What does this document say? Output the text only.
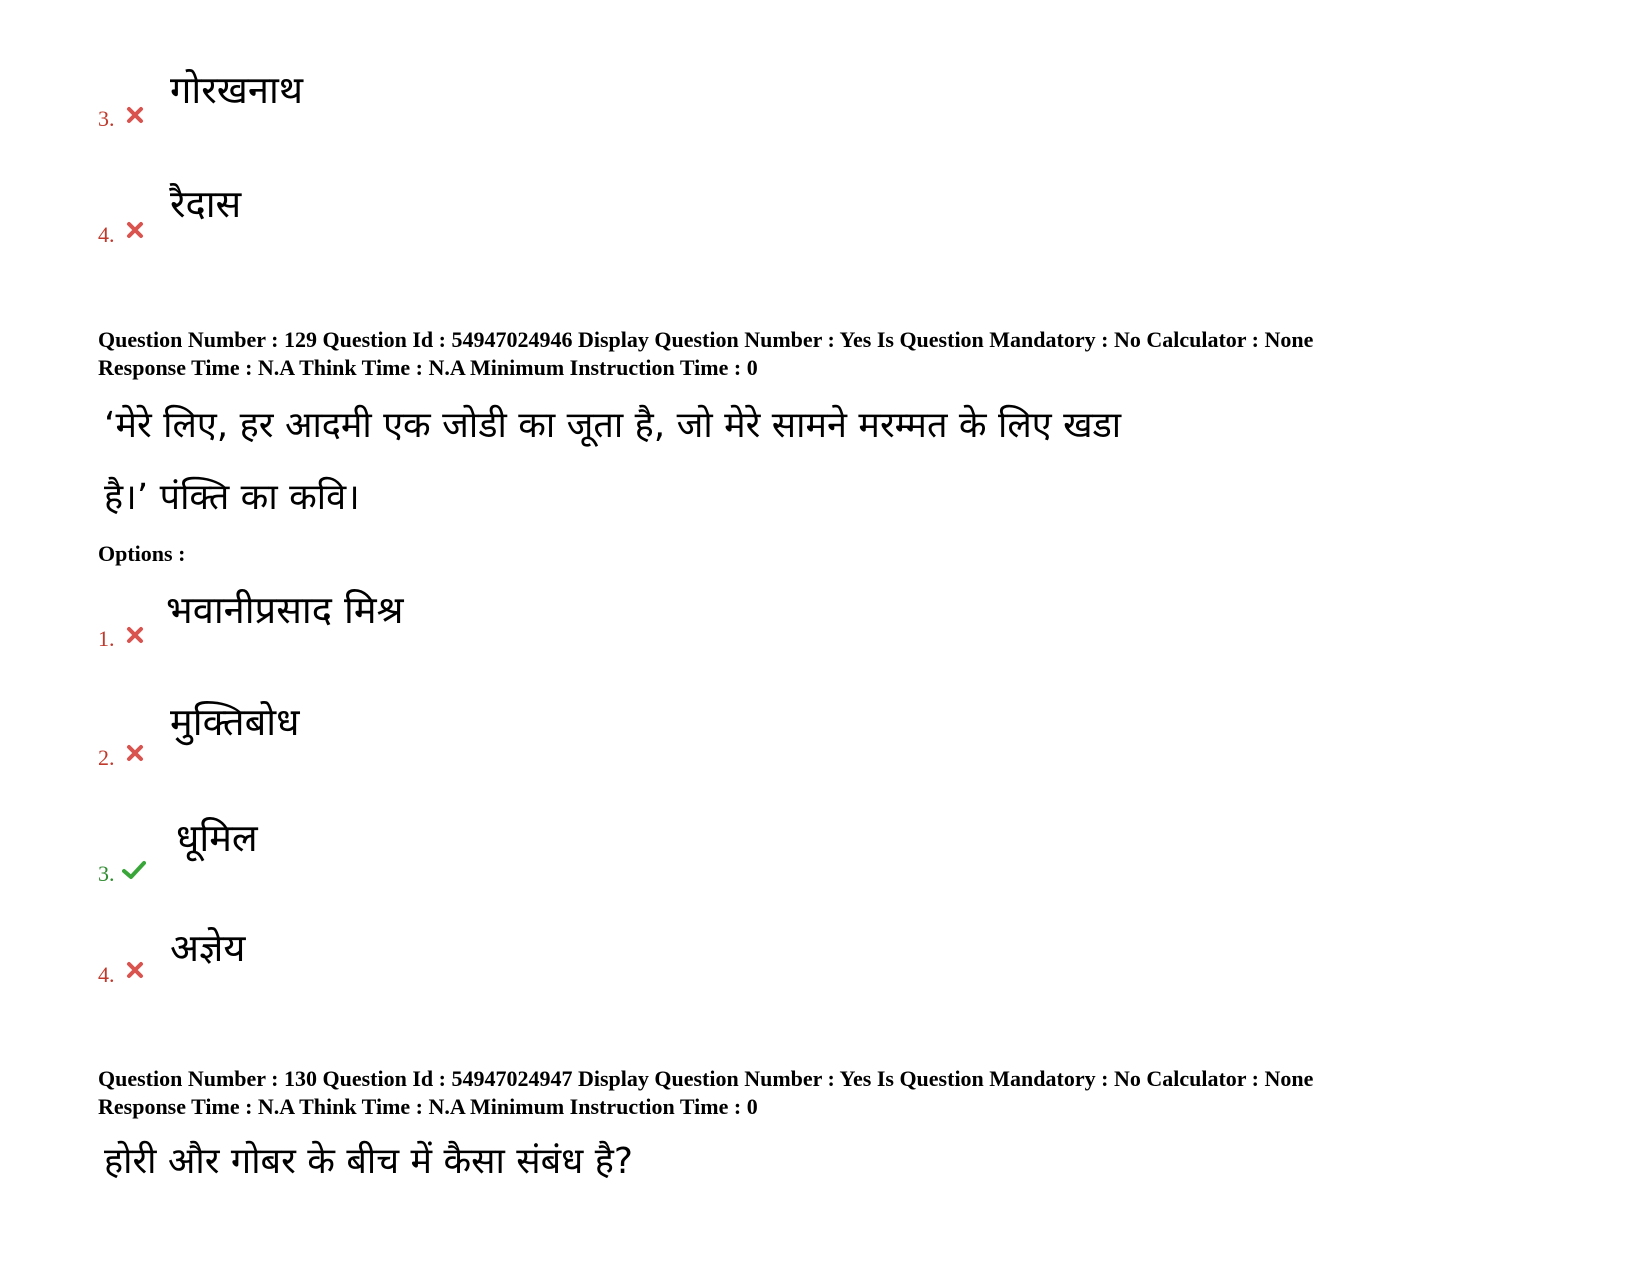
गोरखनाथ
3.
रैदास
4.
Question Number : 129 Question Id : 54947024946 Display Question Number : Yes Is Question Mandatory : No Calculator : None
Response Time : N.A Think Time : N.A Minimum Instruction Time : 0
‘मेरे लिए, हर आदमी एक जोडी का जूता है, जो मेरे सामने मरम्मत के लिए खडा
है।’ पंक्ति का कवि।
Options :
भवानीप्रसाद मिश्र
1.
मुक्तिबोध
2.
धूमिल
3.
अज्ञेय
4.
Question Number : 130 Question Id : 54947024947 Display Question Number : Yes Is Question Mandatory : No Calculator : None
Response Time : N.A Think Time : N.A Minimum Instruction Time : 0
होरी और गोबर के बीच में कैसा संबंध है?
